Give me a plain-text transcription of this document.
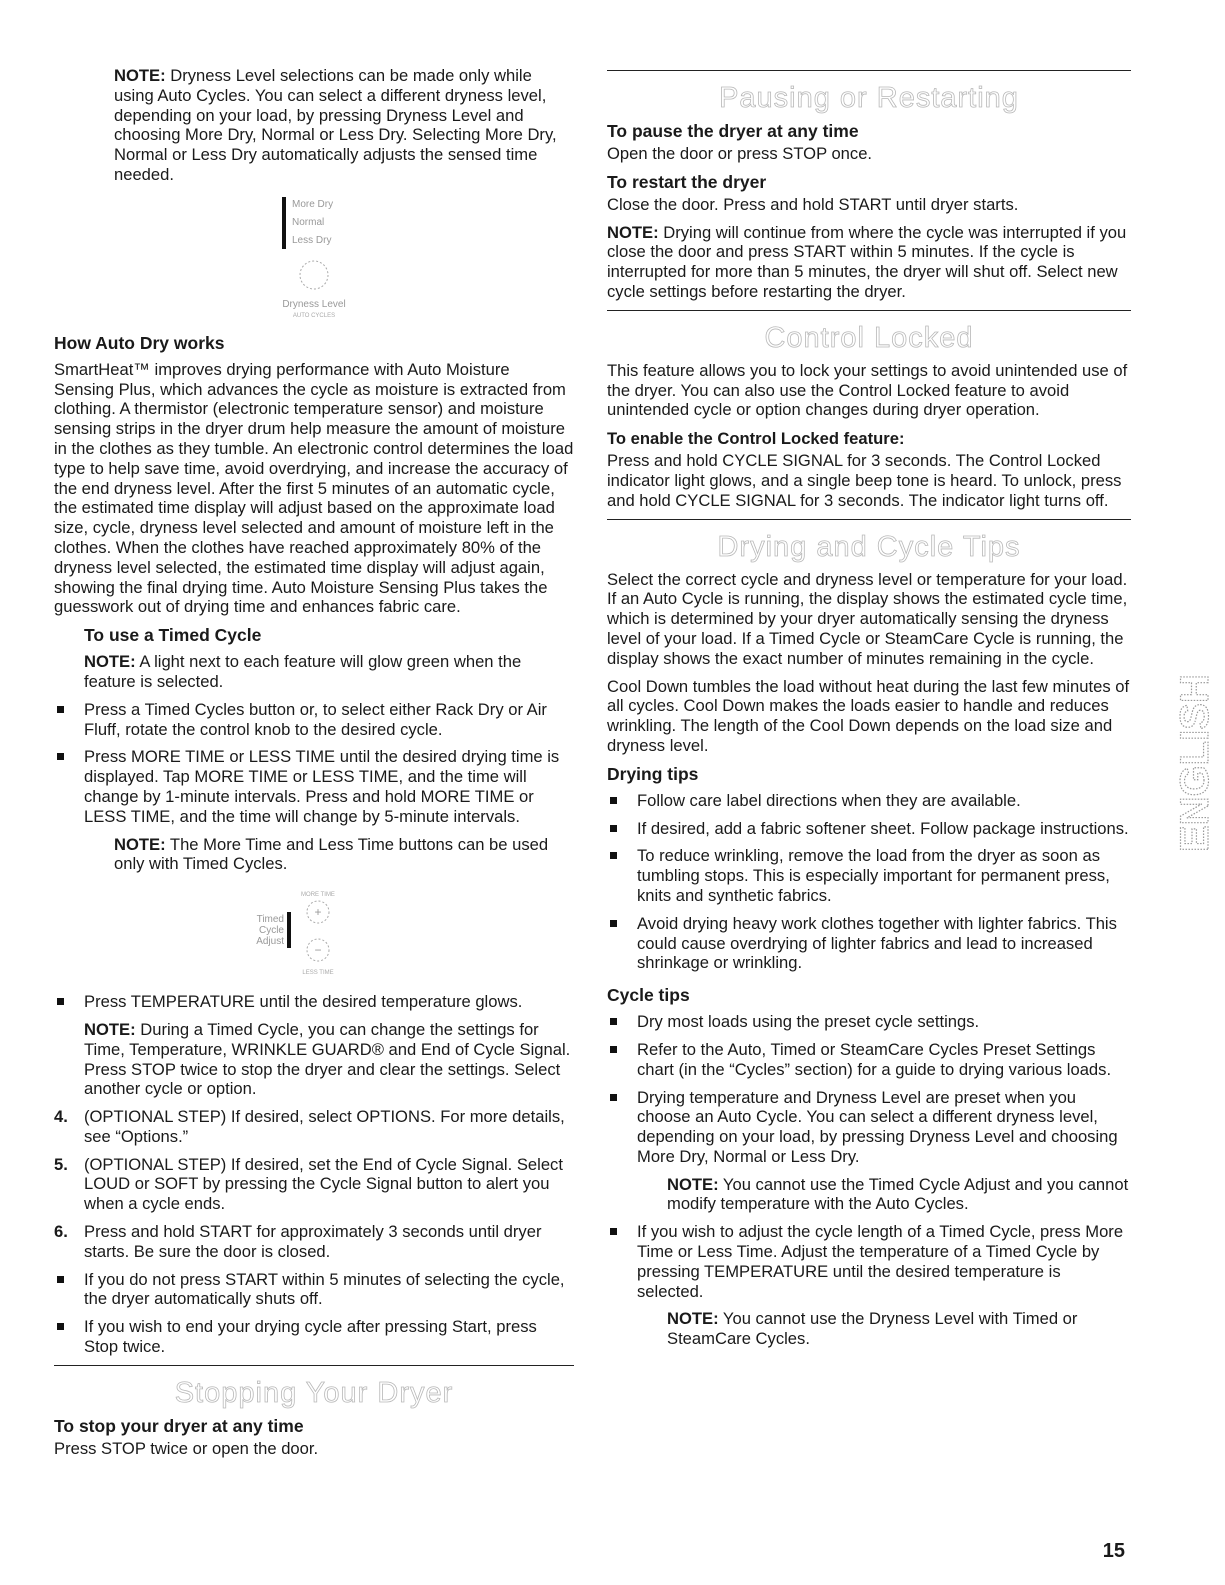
NOTE: Dryness Level selections can be made only while using Auto Cycles. You can select a different dryness level, depending on your load, by pressing Dryness Level and choosing More Dry, Normal or Less Dry. Selecting More Dry, Normal or Less Dry automatically adjusts the sensed time needed.

More Dry
Normal
Less Dry
Dryness Level
AUTO CYCLES
How Auto Dry works

SmartHeat™ improves drying performance with Auto Moisture Sensing Plus, which advances the cycle as moisture is extracted from clothing. A thermistor (electronic temperature sensor) and moisture sensing strips in the dryer drum help measure the amount of moisture in the clothes as they tumble. An electronic control determines the load type to help save time, avoid overdrying, and increase the accuracy of the end dryness level. After the first 5 minutes of an automatic cycle, the estimated time display will adjust based on the approximate load size, cycle, dryness level selected and amount of moisture left in the clothes. When the clothes have reached approximately 80% of the dryness level selected, the estimated time display will adjust again, showing the final drying time. Auto Moisture Sensing Plus takes the guesswork out of drying time and enhances fabric care.

To use a Timed Cycle

NOTE: A light next to each feature will glow green when the feature is selected.

Press a Timed Cycles button or, to select either Rack Dry or Air Fluff, rotate the control knob to the desired cycle.
Press MORE TIME or LESS TIME until the desired drying time is displayed. Tap MORE TIME or LESS TIME, and the time will change by 1-minute intervals. Press and hold MORE TIME or LESS TIME, and the time will change by 5-minute intervals.

NOTE: The More Time and Less Time buttons can be used only with Timed Cycles.

Timed
Cycle
Adjust
MORE TIME
+
−
LESS TIME
Press TEMPERATURE until the desired temperature glows.

NOTE: During a Timed Cycle, you can change the settings for Time, Temperature, WRINKLE GUARD® and End of Cycle Signal. Press STOP twice to stop the dryer and clear the settings. Select another cycle or option.

4. (OPTIONAL STEP) If desired, select OPTIONS. For more details, see “Options.”
5. (OPTIONAL STEP) If desired, set the End of Cycle Signal. Select LOUD or SOFT by pressing the Cycle Signal button to alert you when a cycle ends.
6. Press and hold START for approximately 3 seconds until dryer starts. Be sure the door is closed.
If you do not press START within 5 minutes of selecting the cycle, the dryer automatically shuts off.
If you wish to end your drying cycle after pressing Start, press Stop twice.
Stopping Your Dryer
To stop your dryer at any time

Press STOP twice or open the door.

Pausing or Restarting
To pause the dryer at any time

Open the door or press STOP once.

To restart the dryer

Close the door. Press and hold START until dryer starts.

NOTE: Drying will continue from where the cycle was interrupted if you close the door and press START within 5 minutes. If the cycle is interrupted for more than 5 minutes, the dryer will shut off. Select new cycle settings before restarting the dryer.

Control Locked

This feature allows you to lock your settings to avoid unintended use of the dryer. You can also use the Control Locked feature to avoid unintended cycle or option changes during dryer operation.

To enable the Control Locked feature:

Press and hold CYCLE SIGNAL for 3 seconds. The Control Locked indicator light glows, and a single beep tone is heard. To unlock, press and hold CYCLE SIGNAL for 3 seconds. The indicator light turns off.

Drying and Cycle Tips

Select the correct cycle and dryness level or temperature for your load. If an Auto Cycle is running, the display shows the estimated cycle time, which is determined by your dryer automatically sensing the dryness level of your load. If a Timed Cycle or SteamCare Cycle is running, the display shows the exact number of minutes remaining in the cycle.

Cool Down tumbles the load without heat during the last few minutes of all cycles. Cool Down makes the loads easier to handle and reduces wrinkling. The length of the Cool Down depends on the load size and dryness level.

Drying tips
Follow care label directions when they are available.
If desired, add a fabric softener sheet. Follow package instructions.
To reduce wrinkling, remove the load from the dryer as soon as tumbling stops. This is especially important for permanent press, knits and synthetic fabrics.
Avoid drying heavy work clothes together with lighter fabrics. This could cause overdrying of lighter fabrics and lead to increased shrinkage or wrinkling.
Cycle tips
Dry most loads using the preset cycle settings.
Refer to the Auto, Timed or SteamCare Cycles Preset Settings chart (in the “Cycles” section) for a guide to drying various loads.
Drying temperature and Dryness Level are preset when you choose an Auto Cycle. You can select a different dryness level, depending on your load, by pressing Dryness Level and choosing More Dry, Normal or Less Dry.

NOTE: You cannot use the Timed Cycle Adjust and you cannot modify temperature with the Auto Cycles.

If you wish to adjust the cycle length of a Timed Cycle, press More Time or Less Time. Adjust the temperature of a Timed Cycle by pressing TEMPERATURE until the desired temperature is selected.

NOTE: You cannot use the Dryness Level with Timed or SteamCare Cycles.

ENGLISH
15
